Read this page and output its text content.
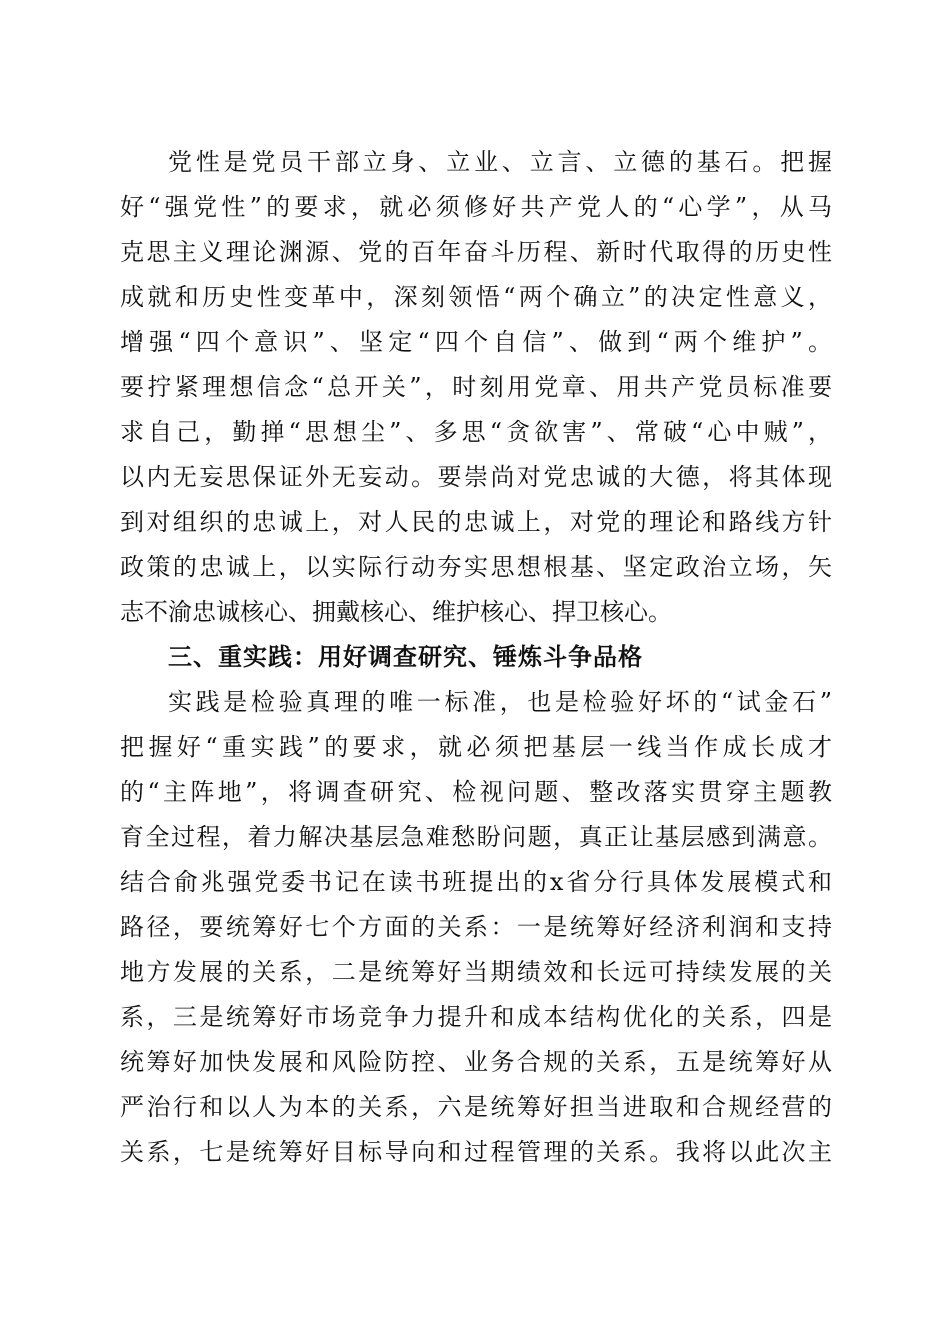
党性是党员干部立身、立业、立言、立德的基石。把握
好“强党性”的要求，就必须修好共产党人的“心学”，从马
克思主义理论渊源、党的百年奋斗历程、新时代取得的历史性
成就和历史性变革中，深刻领悟“两个确立”的决定性意义，
增强“四个意识”、坚定“四个自信”、做到“两个维护”。
要拧紧理想信念“总开关”，时刻用党章、用共产党员标准要
求自己，勤掸“思想尘”、多思“贪欲害”、常破“心中贼”，
以内无妄思保证外无妄动。要崇尚对党忠诚的大德，将其体现
到对组织的忠诚上，对人民的忠诚上，对党的理论和路线方针
政策的忠诚上，以实际行动夯实思想根基、坚定政治立场，矢
志不渝忠诚核心、拥戴核心、维护核心、捍卫核心。
三、重实践：用好调查研究、锤炼斗争品格
实践是检验真理的唯一标准，也是检验好坏的“试金石”
把握好“重实践”的要求，就必须把基层一线当作成长成才
的“主阵地”，将调查研究、检视问题、整改落实贯穿主题教
育全过程，着力解决基层急难愁盼问题，真正让基层感到满意。
结合俞兆强党委书记在读书班提出的x省分行具体发展模式和
路径，要统筹好七个方面的关系：一是统筹好经济利润和支持
地方发展的关系，二是统筹好当期绩效和长远可持续发展的关
系，三是统筹好市场竞争力提升和成本结构优化的关系，四是
统筹好加快发展和风险防控、业务合规的关系，五是统筹好从
严治行和以人为本的关系，六是统筹好担当进取和合规经营的
关系，七是统筹好目标导向和过程管理的关系。我将以此次主
